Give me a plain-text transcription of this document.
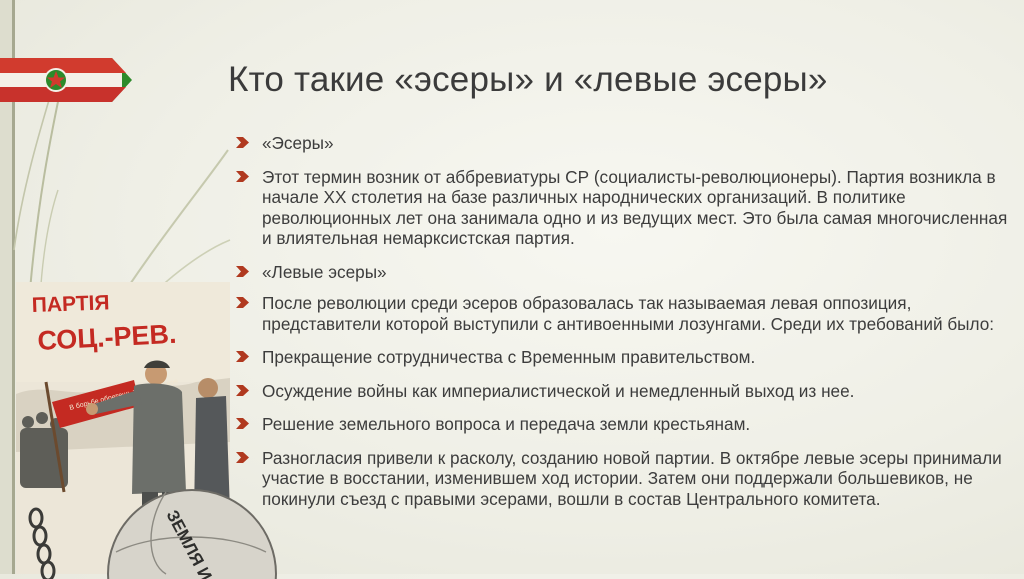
Кто такие «эсеры» и «левые эсеры»
«Эсеры»
Этот термин возник от аббревиатуры СР (социалисты-революционеры). Партия возникла в начале XX столетия на базе различных народнических организаций. В политике революционных лет она занимала одно и из ведущих мест. Это была самая многочисленная и влиятельная немарксистская партия.
«Левые эсеры»
После революции среди эсеров образовалась так называемая левая оппозиция, представители которой выступили с антивоенными лозунгами. Среди их требований было:
Прекращение сотрудничества с Временным правительством.
Осуждение войны как империалистической и немедленный выход из нее.
Решение земельного вопроса и передача земли крестьянам.
Разногласия привели к расколу, созданию новой партии. В октябре левые эсеры принимали участие в восстании, изменившем ход истории. Затем они поддержали большевиков, не покинули съезд с правыми эсерами, вошли в состав Центрального комитета.
ПАРТІЯ
СОЦ.-РЕВ.
В борьбе обретешь свое
